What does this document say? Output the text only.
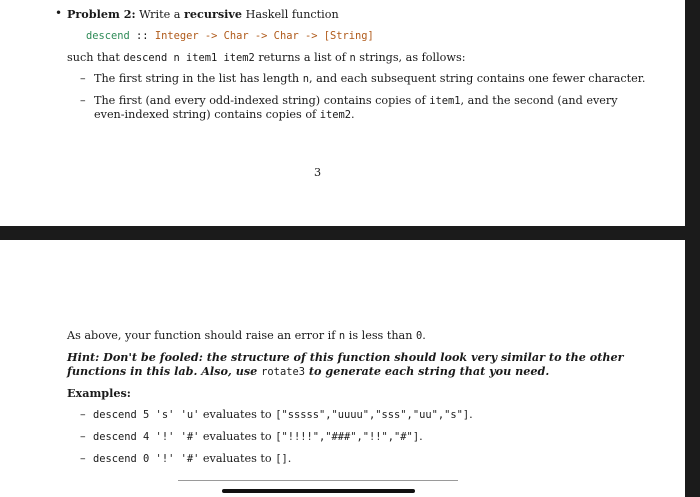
• Problem 2: Write a recursive Haskell function
descend :: Integer -> Char -> Char -> [String]
such that descend n item1 item2 returns a list of n strings, as follows:
– The first string in the list has length n, and each subsequent string contains one fewer character.
– The first (and every odd-indexed string) contains copies of item1, and the second (and every
even-indexed string) contains copies of item2.
3
As above, your function should raise an error if n is less than 0.
Hint: Don't be fooled: the structure of this function should look very similar to the other
functions in this lab. Also, use rotate3 to generate each string that you need.
Examples:
– descend 5 's' 'u' evaluates to ["sssss","uuuu","sss","uu","s"].
– descend 4 '!' '#' evaluates to ["!!!!","###","!!","#"].
– descend 0 '!' '#' evaluates to [].
